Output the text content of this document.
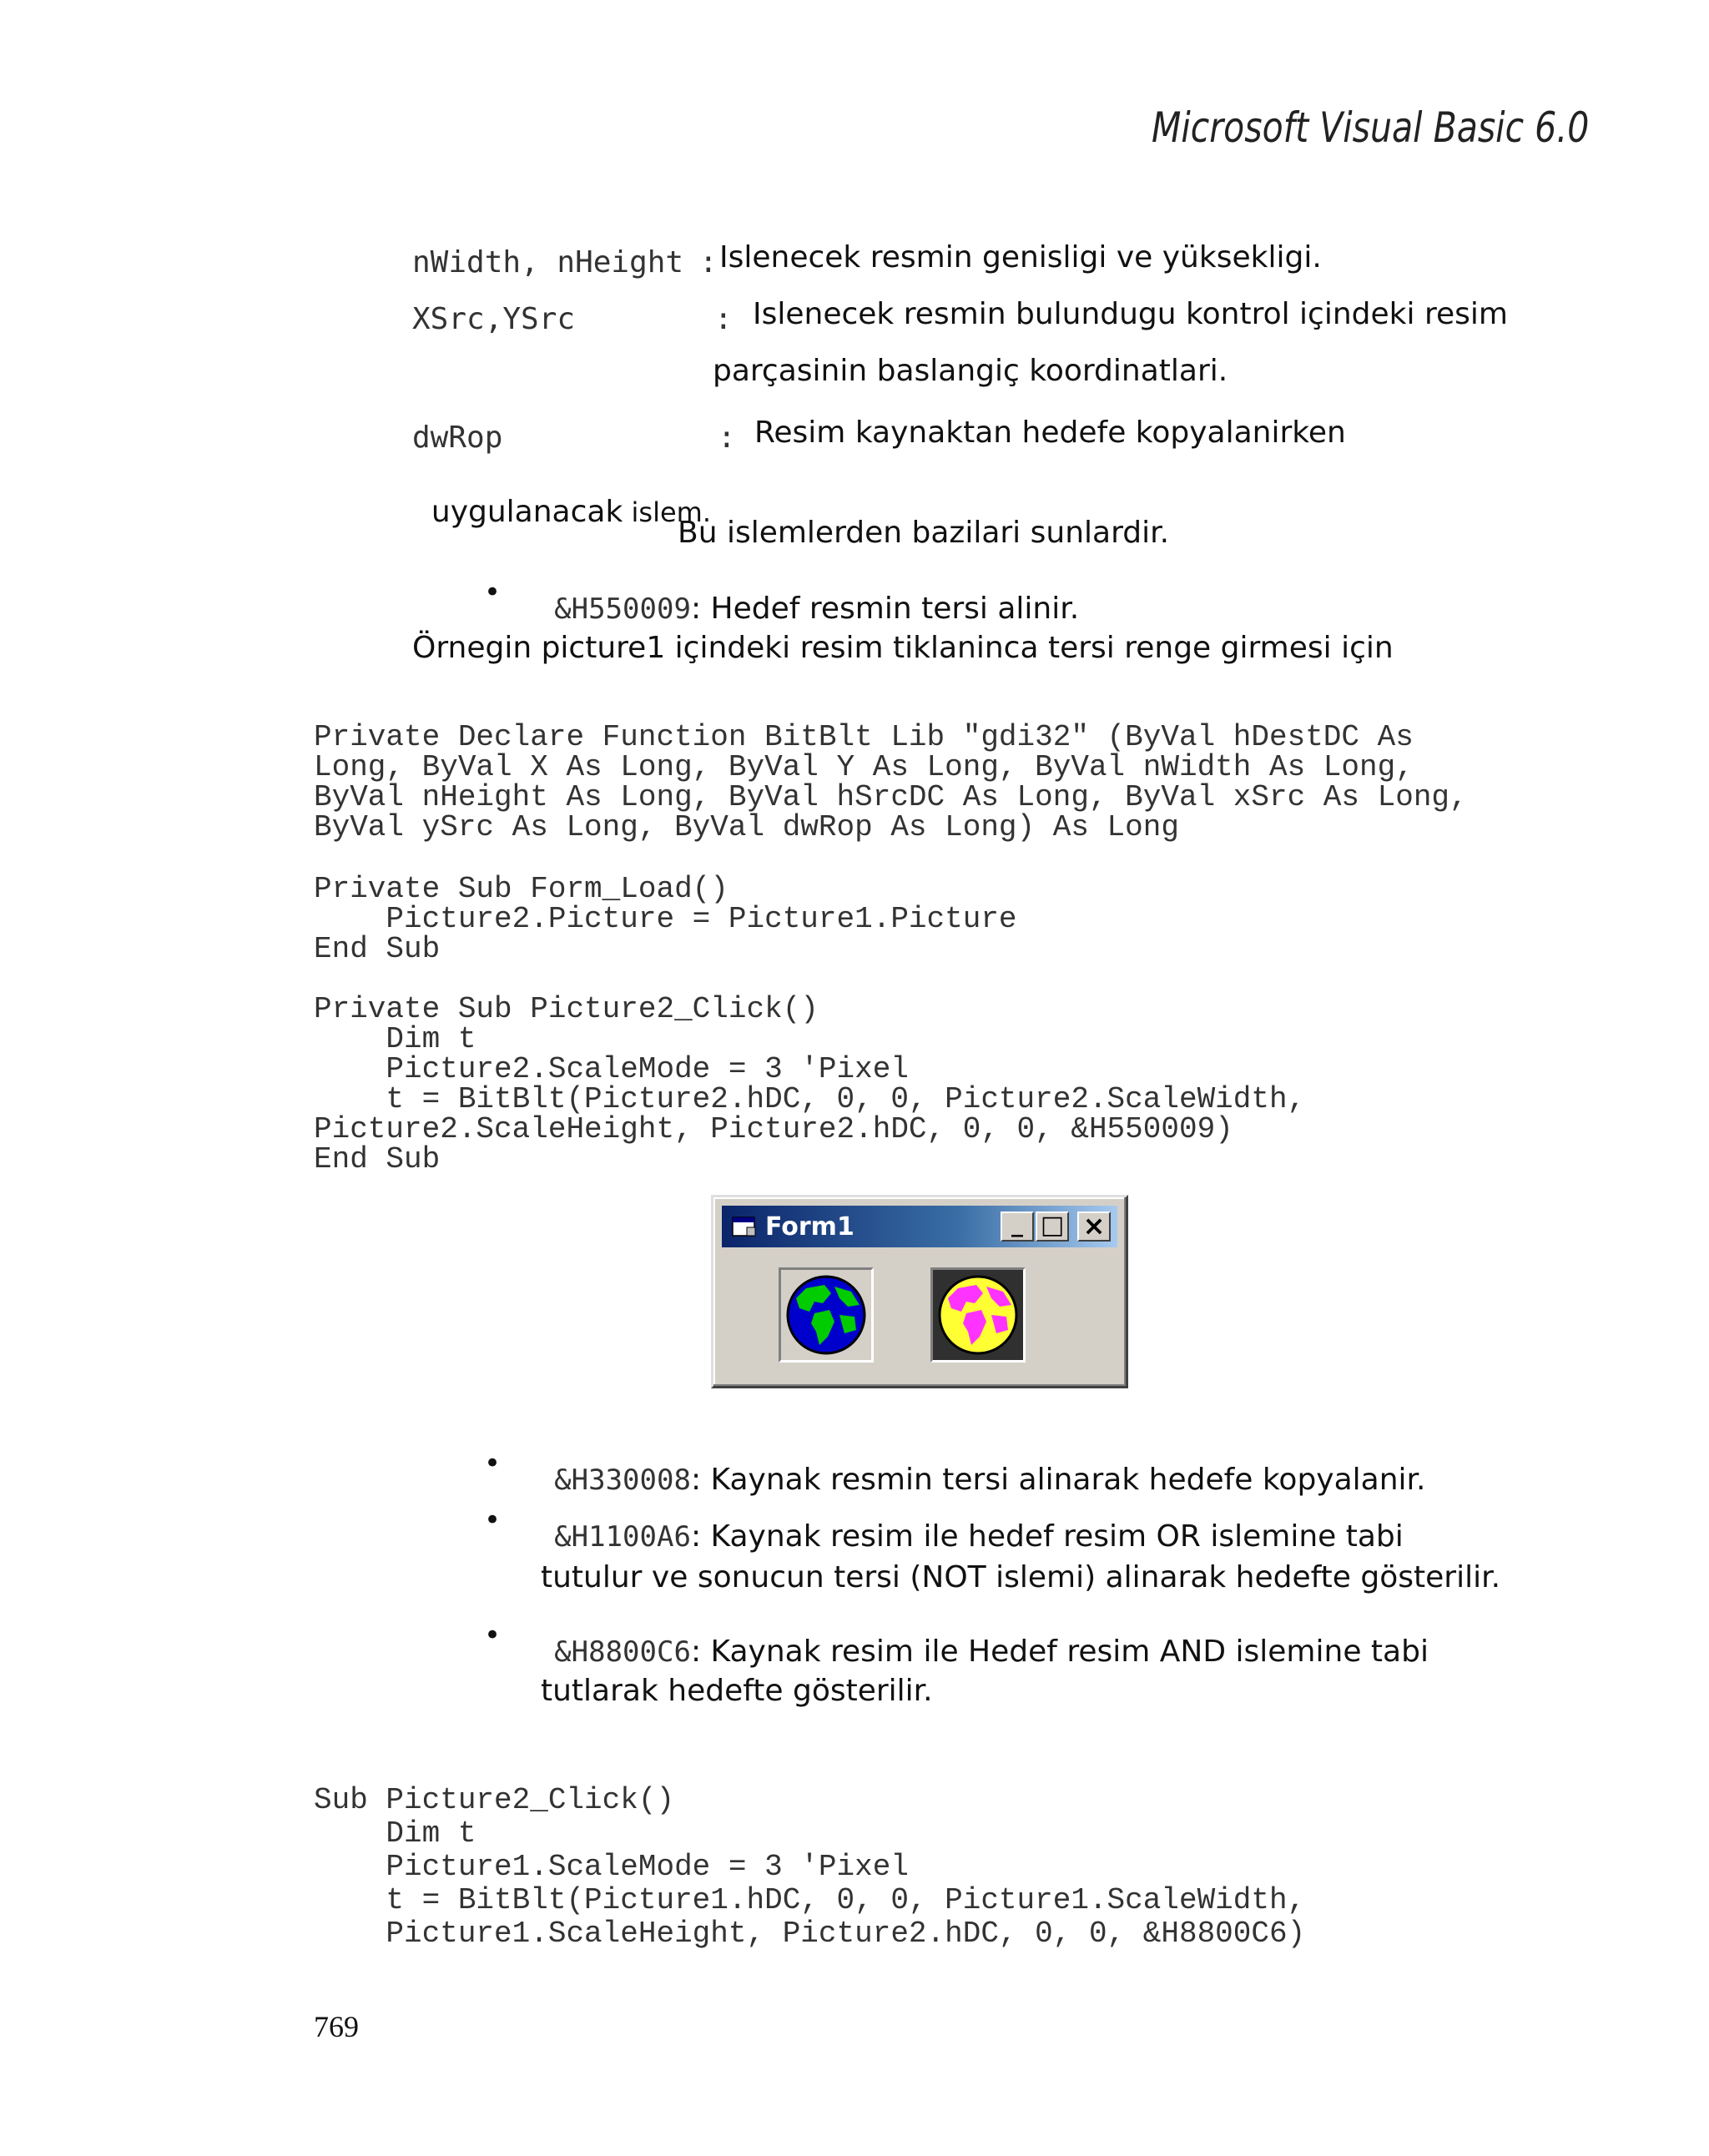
Microsoft Visual Basic 6.0
nWidth, nHeight : Islenecek resmin genisligi ve yüksekligi.
XSrc,YSrc	: Islenecek resmin bulundugu kontrol içindeki resim
parçasinin baslangiç koordinatlari.
dwRop	: Resim kaynaktan hedefe kopyalanirken

uygulanacak islem.

Bu islemlerden bazilari sunlardir.
• &H550009: Hedef resmin tersi alinir.

Örnegin picture1 içindeki resim tiklaninca tersi renge girmesi için

Private Declare Function BitBlt Lib "gdi32" (ByVal hDestDC As
Long, ByVal X As Long, ByVal Y As Long, ByVal nWidth As Long,
ByVal nHeight As Long, ByVal hSrcDC As Long, ByVal xSrc As Long,
ByVal ySrc As Long, ByVal dwRop As Long) As Long
Private Sub Form_Load()
Picture2.Picture = Picture1.Picture
End Sub
Private Sub Picture2_Click()
Dim t
Picture2.ScaleMode = 3 'Pixel
t = BitBlt(Picture2.hDC, 0, 0, Picture2.ScaleWidth,
Picture2.ScaleHeight, Picture2.hDC, 0, 0, &H550009)
End Sub

Form1	_ □ ×
• &H330008: Kaynak resmin tersi alinarak hedefe kopyalanir.

• &H1100A6: Kaynak resim ile hedef resim OR islemine tabi

tutulur ve sonucun tersi (NOT islemi) alinarak hedefte gösterilir.
• &H8800C6: Kaynak resim ile Hedef resim AND islemine tabi

tutlarak hedefte gösterilir.

Sub Picture2_Click()
Dim t
Picture1.ScaleMode = 3 'Pixel
t = BitBlt(Picture1.hDC, 0, 0, Picture1.ScaleWidth,
Picture1.ScaleHeight, Picture2.hDC, 0, 0, &H8800C6)

769
